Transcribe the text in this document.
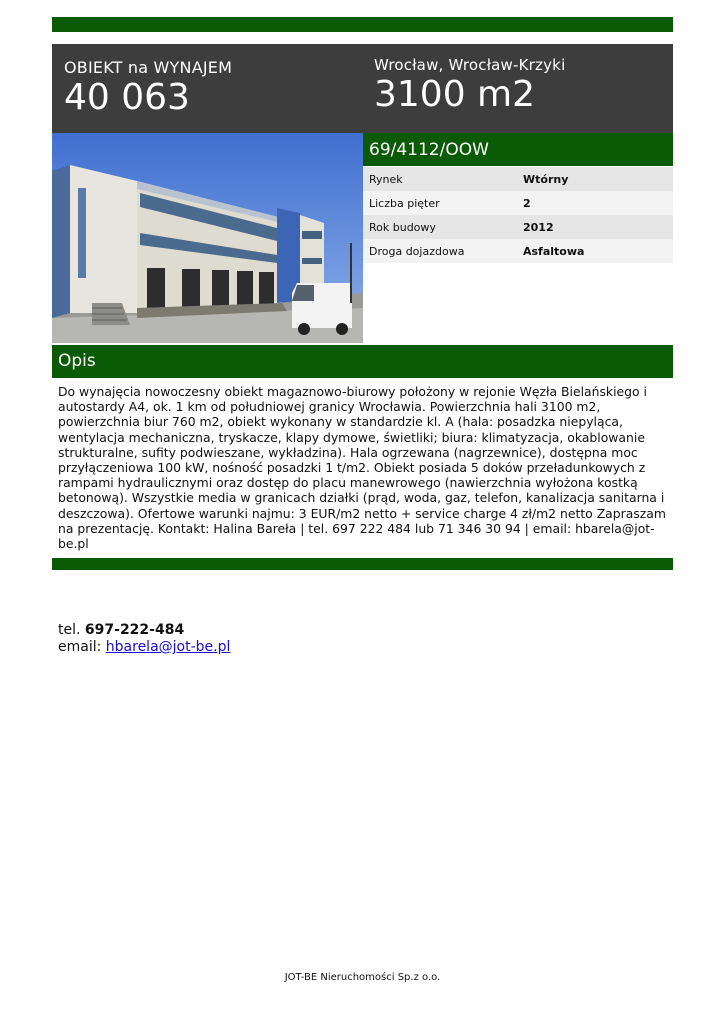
OBIEKT na WYNAJEM
40 063
Wrocław, Wrocław-Krzyki
3100 m2
69/4112/OOW
Rynek	Wtórny
Liczba pięter	2
Rok budowy	2012
Droga dojazdowa	Asfaltowa
Opis

Do wynajęcia nowoczesny obiekt magaznowo-biurowy położony w rejonie Węzła Bielańskiego i autostardy A4, ok. 1 km od południowej granicy Wrocławia. Powierzchnia hali 3100 m2, powierzchnia biur 760 m2, obiekt wykonany w standardzie kl. A (hala: posadzka niepyląca, wentylacja mechaniczna, tryskacze, klapy dymowe, świetliki; biura: klimatyzacja, okablowanie strukturalne, sufity podwieszane, wykładzina). Hala ogrzewana (nagrzewnice), dostępna moc przyłączeniowa 100 kW, nośność posadzki 1 t/m2. Obiekt posiada 5 doków przeładunkowych z rampami hydraulicznymi oraz dostęp do placu manewrowego (nawierzchnia wyłożona kostką betonową). Wszystkie media w granicach działki (prąd, woda, gaz, telefon, kanalizacja sanitarna i deszczowa). Ofertowe warunki najmu: 3 EUR/m2 netto + service charge 4 zł/m2 netto Zapraszam na prezentację. Kontakt: Halina Bareła | tel. 697 222 484 lub 71 346 30 94 | email: hbarela@jot-be.pl

tel. 697-222-484
email: hbarela@jot-be.pl
JOT-BE Nieruchomości Sp.z o.o.
